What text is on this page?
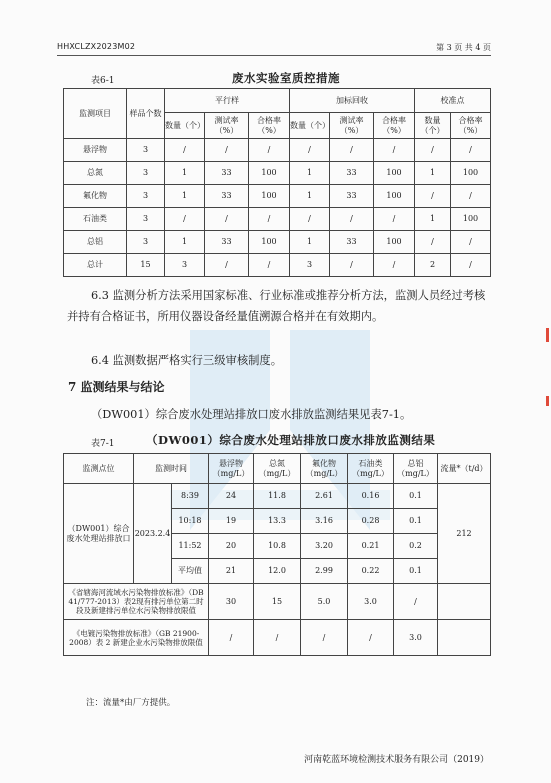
HHXCLZX2023M02	第 3 页 共 4 页
表6-1	废水实验室质控措施
监测项目	样品个数	平行样			加标回收			校准点	
		数量（个）	测试率（%）	合格率（%）	数量（个）	测试率（%）	合格率（%）	数量（个）	合格率（%）
悬浮物	3	/	/	/	/	/	/	/	/
总氮	3	1	33	100	1	33	100	1	100
氟化物	3	1	33	100	1	33	100	/	/
石油类	3	/	/	/	/	/	/	1	100
总铝	3	1	33	100	1	33	100	/	/
总计	15	3	/	/	3	/	/	2	/

6.3 监测分析方法采用国家标准、行业标准或推荐分析方法，监测人员经过考核并持有合格证书，所用仪器设备经量值溯源合格并在有效期内。

6.4 监测数据严格实行三级审核制度。

7 监测结果与结论

（DW001）综合废水处理站排放口废水排放监测结果见表7-1。

表7-1	（DW001）综合废水处理站排放口废水排放监测结果
监测点位	监测时间		悬浮物（mg/L）	总氮（mg/L）	氟化物（mg/L）	石油类（mg/L）	总铝（mg/L）	流量*（t/d）
（DW001）综合废水处理站排放口	2023.2.4	8:39	24	11.8	2.61	0.16	0.1	212
		10:18	19	13.3	3.16	0.28	0.1	
		11:52	20	10.8	3.20	0.21	0.2	
		平均值	21	12.0	2.99	0.22	0.1	
《省辖海河流域水污染物排放标准》（DB 41/777-2013）表2现有排污单位第二时段及新建排污单位水污染物排放限值			30	15	5.0	3.0	/	
《电镀污染物排放标准》（GB 21900-2008）表 2 新建企业水污染物排放限值			/	/	/	/	3.0	

注：流量*由厂方提供。

河南乾蓝环境检测技术服务有限公司（2019）
